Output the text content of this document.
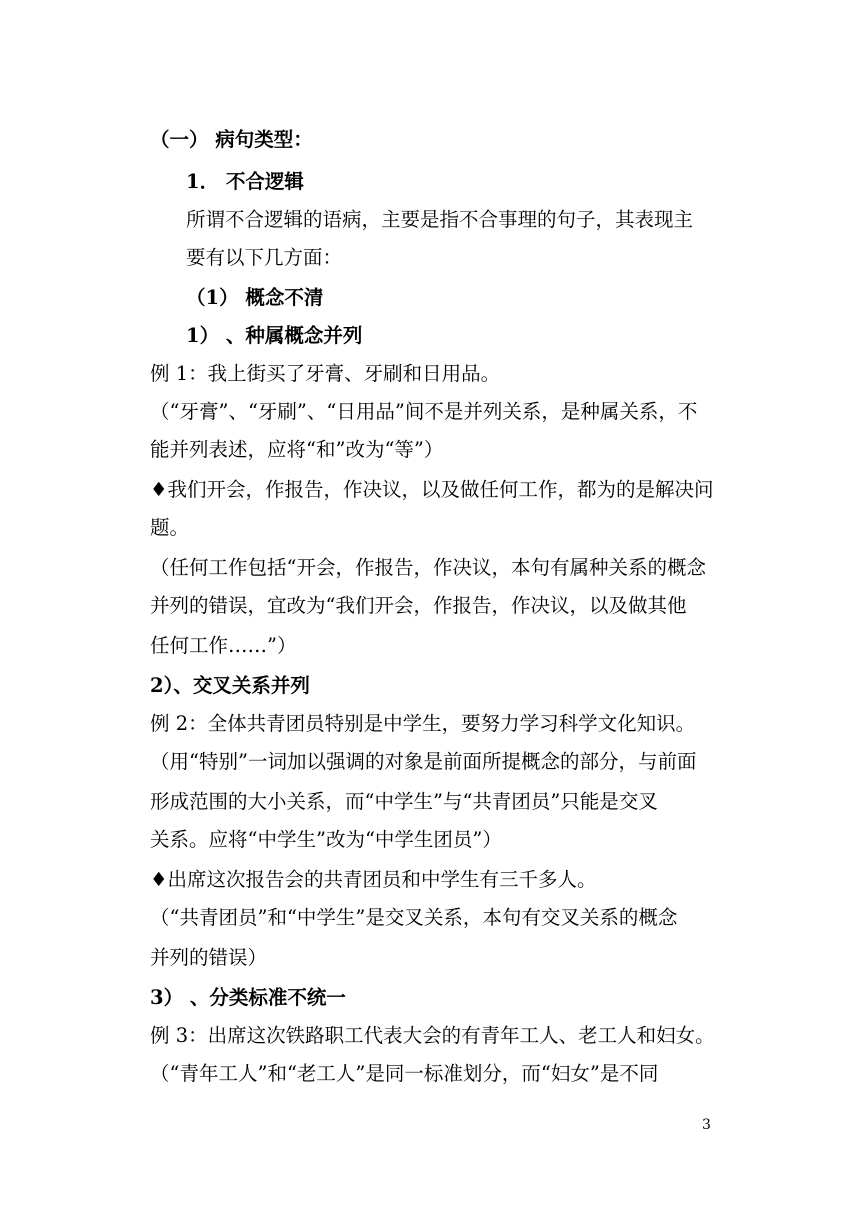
（一） 病句类型：
1． 不合逻辑
所谓不合逻辑的语病，主要是指不合事理的句子，其表现主
要有以下几方面：
（1） 概念不清
1） 、种属概念并列
例 1：我上街买了牙膏、牙刷和日用品。
（“牙膏”、“牙刷”、“日用品”间不是并列关系，是种属关系，不
能并列表述，应将“和”改为“等”）
♦我们开会，作报告，作决议，以及做任何工作，都为的是解决问
题。
（任何工作包括“开会，作报告，作决议，本句有属种关系的概念
并列的错误，宜改为“我们开会，作报告，作决议，以及做其他
任何工作……”）
2）、交叉关系并列
例 2：全体共青团员特别是中学生，要努力学习科学文化知识。
（用“特别”一词加以强调的对象是前面所提概念的部分，与前面
形成范围的大小关系，而“中学生”与“共青团员”只能是交叉
关系。应将“中学生”改为“中学生团员”）
♦出席这次报告会的共青团员和中学生有三千多人。
（“共青团员”和“中学生”是交叉关系，本句有交叉关系的概念
并列的错误）
3） 、分类标准不统一
例 3：出席这次铁路职工代表大会的有青年工人、老工人和妇女。
（“青年工人”和“老工人”是同一标准划分，而“妇女”是不同
3
